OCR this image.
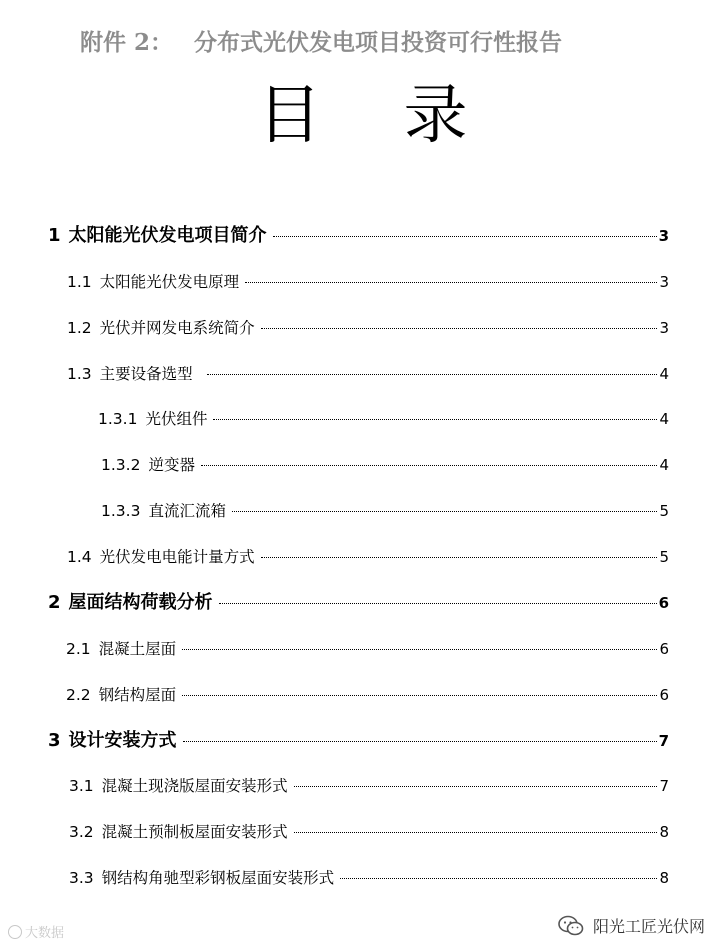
附件 2： 分布式光伏发电项目投资可行性报告
目 录
1 太阳能光伏发电项目简介	3
1.1 太阳能光伏发电原理	3
1.2 光伏并网发电系统简介	3
1.3 主要设备选型	4
1.3.1 光伏组件	4
1.3.2 逆变器	4
1.3.3 直流汇流箱	5
1.4 光伏发电电能计量方式	5
2 屋面结构荷载分析	6
2.1 混凝土屋面	6
2.2 钢结构屋面	6
3 设计安装方式	7
3.1 混凝土现浇版屋面安装形式	7
3.2 混凝土预制板屋面安装形式	8
3.3 钢结构角驰型彩钢板屋面安装形式	8
大数据	阳光工匠光伏网
